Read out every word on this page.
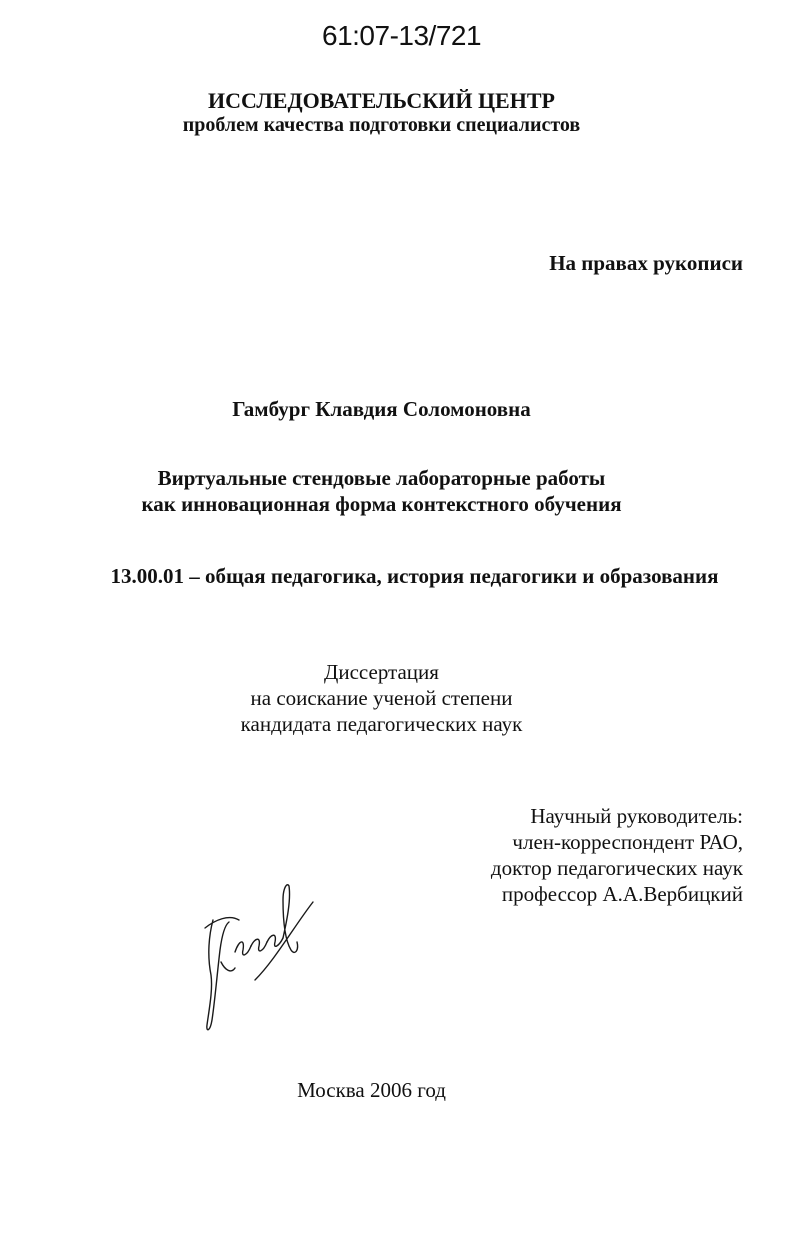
61:07-13/721
ИССЛЕДОВАТЕЛЬСКИЙ ЦЕНТР
проблем качества подготовки специалистов
На правах рукописи
Гамбург Клавдия Соломоновна
Виртуальные стендовые лабораторные работы
как инновационная форма контекстного обучения
13.00.01 – общая педагогика, история педагогики и образования
Диссертация
на соискание ученой степени
кандидата педагогических наук
Научный руководитель:
член-корреспондент РАО,
доктор педагогических наук
профессор А.А.Вербицкий
Москва 2006 год
